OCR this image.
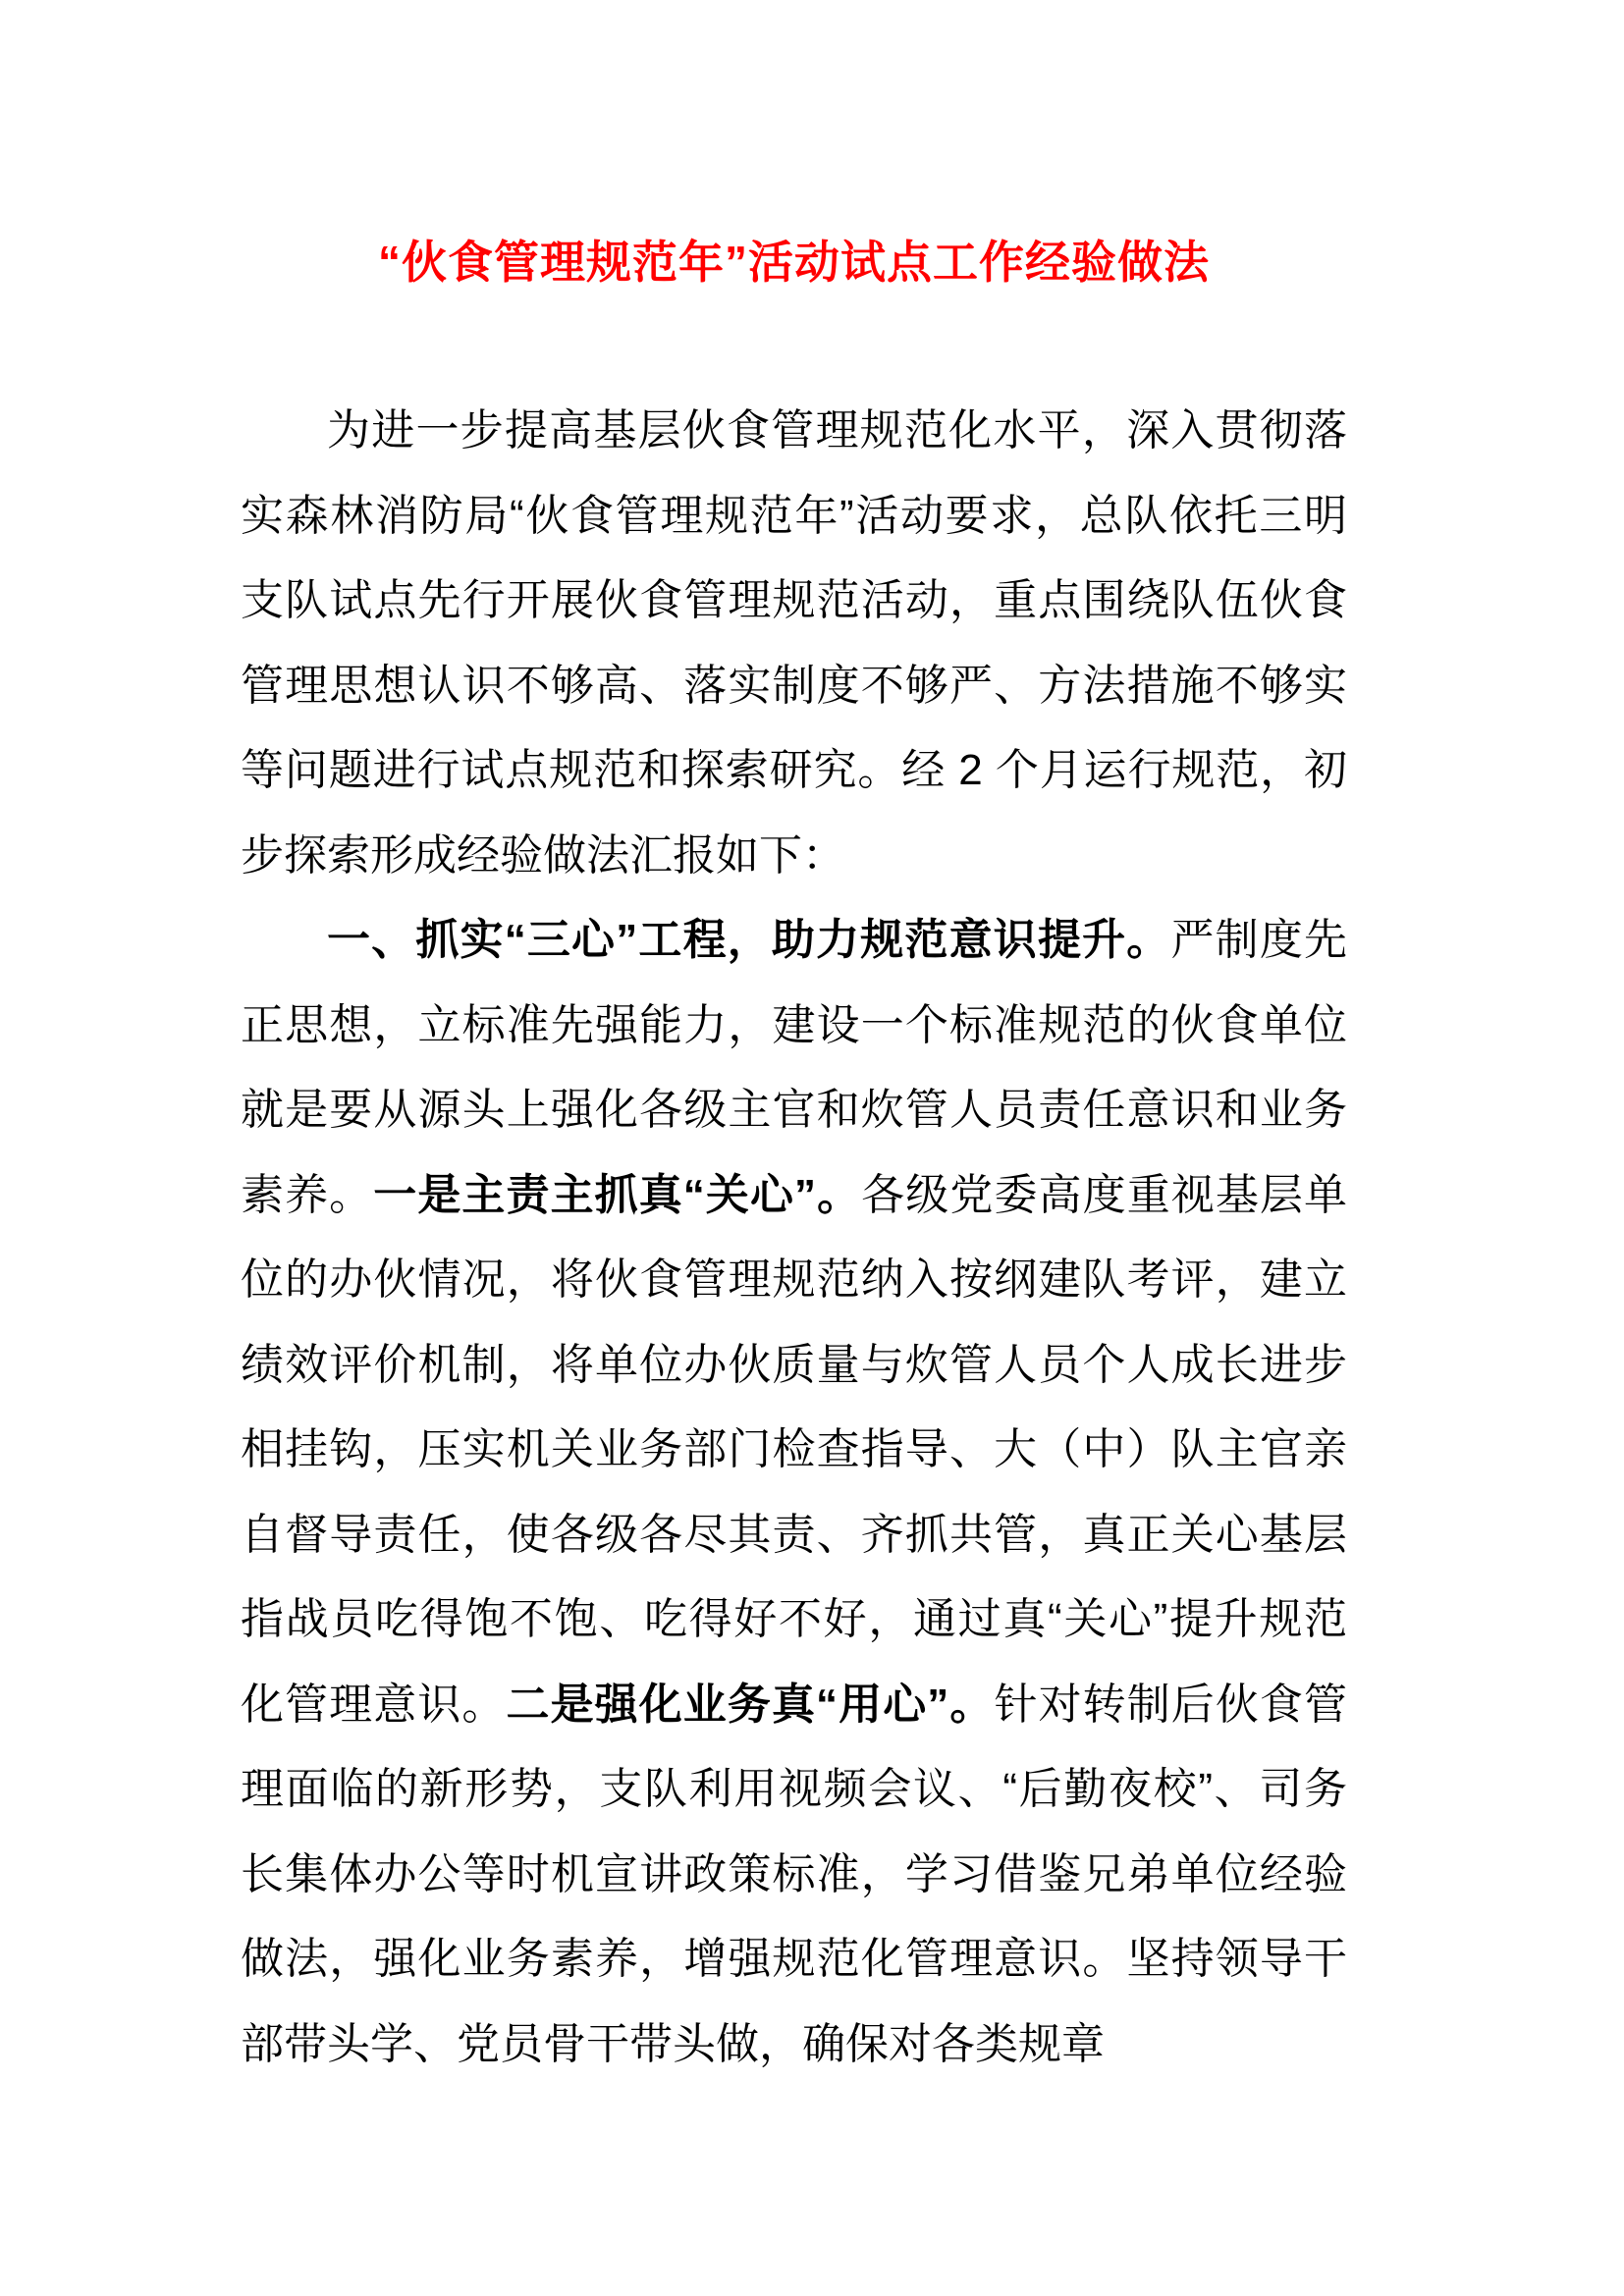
“伙食管理规范年”活动试点工作经验做法

为进一步提高基层伙食管理规范化水平，深入贯彻落实森林消防局“伙食管理规范年”活动要求，总队依托三明支队试点先行开展伙食管理规范活动，重点围绕队伍伙食管理思想认识不够高、落实制度不够严、方法措施不够实等问题进行试点规范和探索研究。经 2 个月运行规范，初步探索形成经验做法汇报如下：

一、抓实“三心”工程，助力规范意识提升。严制度先正思想，立标准先强能力，建设一个标准规范的伙食单位就是要从源头上强化各级主官和炊管人员责任意识和业务素养。一是主责主抓真“关心”。各级党委高度重视基层单位的办伙情况，将伙食管理规范纳入按纲建队考评，建立绩效评价机制，将单位办伙质量与炊管人员个人成长进步相挂钩，压实机关业务部门检查指导、大（中）队主官亲自督导责任，使各级各尽其责、齐抓共管，真正关心基层指战员吃得饱不饱、吃得好不好，通过真“关心”提升规范化管理意识。二是强化业务真“用心”。针对转制后伙食管理面临的新形势，支队利用视频会议、“后勤夜校”、司务长集体办公等时机宣讲政策标准，学习借鉴兄弟单位经验做法，强化业务素养，增强规范化管理意识。坚持领导干部带头学、党员骨干带头做，确保对各类规章
